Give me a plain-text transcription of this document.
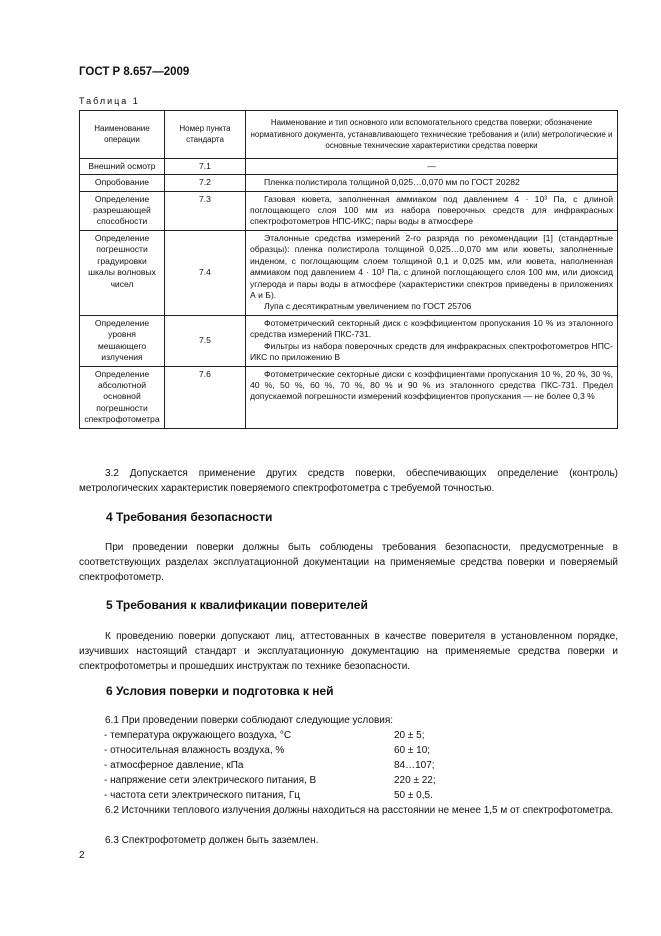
ГОСТ Р 8.657—2009
Таблица 1
Наименование операции	Номер пункта стандарта	Наименование и тип основного или вспомогательного средства поверки; обозначение нормативного документа, устанавливающего технические требования и (или) метрологические и основные технические характеристики средства поверки
Внешний осмотр	7.1	—

Опробование	7.2	Пленка полистирола толщиной 0,025…0,070 мм по ГОСТ 20282

Определение разрешающей способности	7.3	Газовая кювета, заполненная аммиаком под давлением 4 · 10³ Па, с длиной поглощающего слоя 100 мм из набора поверочных средств для инфракрасных спектрофотометров НПС-ИКС; пары воды в атмосфере

Определение погрешности градуировки шкалы волновых чисел	7.4	Эталонные средства измерений 2-го разряда по рекомендации [1] (стандартные образцы): пленка полистирола толщиной 0,025…0,070 мм или кюветы, заполненные инденом, с поглощающим слоем толщиной 0,1 и 0,025 мм, или кювета, наполненная аммиаком под давлением 4 · 10³ Па, с длиной поглощающего слоя 100 мм, или диоксид углерода и пары воды в атмосфере (характеристики спектров приведены в приложениях А и Б).

Лупа с десятикратным увеличением по ГОСТ 25706

Определение уровня мешающего излучения	7.5	Фотометрический секторный диск с коэффициентом пропускания 10 % из эталонного средства измерений ПКС-731.

Фильтры из набора поверочных средств для инфракрасных спектрофотометров НПС-ИКС по приложению В

Определение абсолютной основной погрешности спектрофотометра	7.6	Фотометрические секторные диски с коэффициентами пропускания 10 %, 20 %, 30 %, 40 %, 50 %, 60 %, 70 %, 80 % и 90 % из эталонного средства ПКС-731. Предел допускаемой погрешности измерений коэффициентов пропускания — не более 0,3 %

3.2 Допускается применение других средств поверки, обеспечивающих определение (контроль) метрологических характеристик поверяемого спектрофотометра с требуемой точностью.
4 Требования безопасности
При проведении поверки должны быть соблюдены требования безопасности, предусмотренные в соответствующих разделах эксплуатационной документации на применяемые средства поверки и поверяемый спектрофотометр.
5 Требования к квалификации поверителей
К проведению поверки допускают лиц, аттестованных в качестве поверителя в установленном порядке, изучивших настоящий стандарт и эксплуатационную документацию на применяемые средства поверки и спектрофотометры и прошедших инструктаж по технике безопасности.
6 Условия поверки и подготовка к ней
6.1 При проведении поверки соблюдают следующие условия:
- температура окружающего воздуха, °С	20 ± 5;
- относительная влажность воздуха, %	60 ± 10;
- атмосферное давление, кПа	84…107;
- напряжение сети электрического питания, В	220 ± 22;
- частота сети электрического питания, Гц	50 ± 0,5.
6.2 Источники теплового излучения должны находиться на расстоянии не менее 1,5 м от спектрофотометра.
6.3 Спектрофотометр должен быть заземлен.
2
